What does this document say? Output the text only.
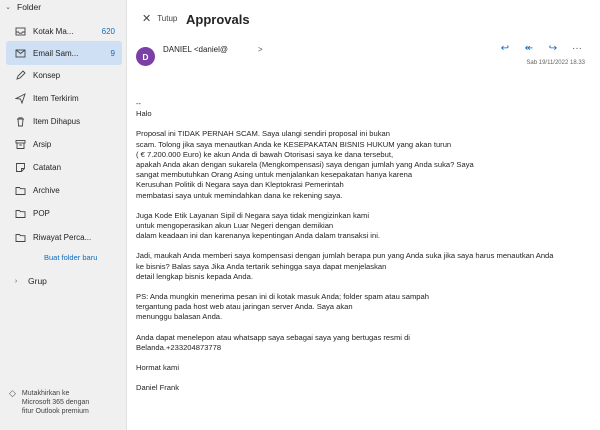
⌄ Folder
Kotak Ma...	620
Email Sam...	9
Konsep
Item Terkirim
Item Dihapus
Arsip
Catatan
Archive
POP
Riwayat Perca...
Buat folder baru
›	Grup
◇ Mutakhirkan ke
Microsoft 365 dengan
fitur Outlook premium
✕ Tutup Approvals
D
DANIEL <daniel@	>	↩ ↞ ↪ ···
Sab 19/11/2022 18.33
--
Halo
Proposal ini TIDAK PERNAH SCAM. Saya ulangi sendiri proposal ini bukan
scam. Tolong jika saya menautkan Anda ke KESEPAKATAN BISNIS HUKUM yang akan turun
( € 7.200.000 Euro) ke akun Anda di bawah Otorisasi saya ke dana tersebut,
apakah Anda akan dengan sukarela (Mengkompensasi) saya dengan jumlah yang Anda suka? Saya
sangat membutuhkan Orang Asing untuk menjalankan kesepakatan hanya karena
Kerusuhan Politik di Negara saya dan Kleptokrasi Pemerintah
membatasi saya untuk memindahkan dana ke rekening saya.
Juga Kode Etik Layanan Sipil di Negara saya tidak mengizinkan kami
untuk mengoperasikan akun Luar Negeri dengan demikian
dalam keadaan ini dan karenanya kepentingan Anda dalam transaksi ini.
Jadi, maukah Anda memberi saya kompensasi dengan jumlah berapa pun yang Anda suka jika saya harus menautkan Anda
ke bisnis? Balas saya Jika Anda tertarik sehingga saya dapat menjelaskan
detail lengkap bisnis kepada Anda.
PS: Anda mungkin menerima pesan ini di kotak masuk Anda; folder spam atau sampah
tergantung pada host web atau jaringan server Anda. Saya akan
menunggu balasan Anda.
Anda dapat menelepon atau whatsapp saya sebagai saya yang bertugas resmi di
Belanda.+233204873778
Hormat kami
Daniel Frank
